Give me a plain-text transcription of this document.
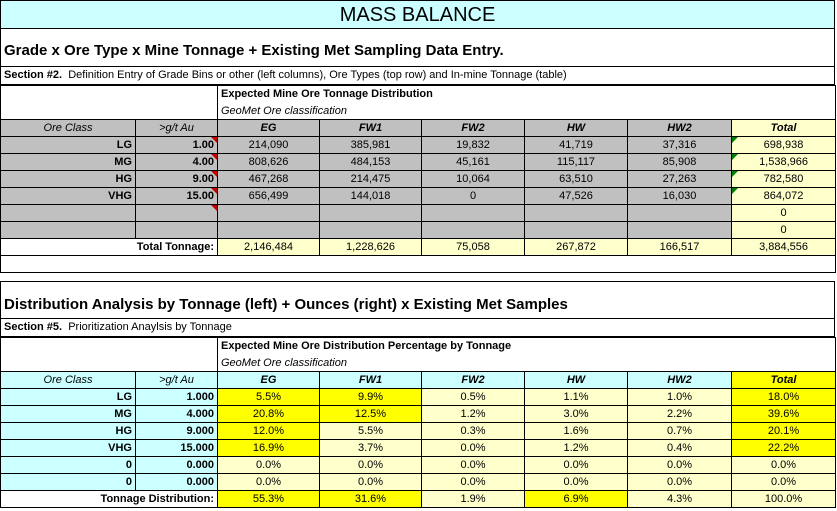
MASS BALANCE
Grade x Ore Type x Mine Tonnage + Existing Met Sampling Data Entry.
Section #2. Definition Entry of Grade Bins or other (left columns), Ore Types (top row) and In-mine Tonnage (table)
		Expected Mine Ore Tonnage Distribution					
		GeoMet Ore classification					
Ore Class	>g/t Au	EG	FW1	FW2	HW	HW2	Total
LG	1.00	214,090	385,981	19,832	41,719	37,316	698,938
MG	4.00	808,626	484,153	45,161	115,117	85,908	1,538,966
HG	9.00	467,268	214,475	10,064	63,510	27,263	782,580
VHG	15.00	656,499	144,018	0	47,526	16,030	864,072
							0
							0
Total Tonnage:		2,146,484	1,228,626	75,058	267,872	166,517	3,884,556

Distribution Analysis by Tonnage (left) + Ounces (right) x Existing Met Samples
Section #5. Prioritization Anaylsis by Tonnage
		Expected Mine Ore Distribution Percentage by Tonnage					
		GeoMet Ore classification					
Ore Class	>g/t Au	EG	FW1	FW2	HW	HW2	Total
LG	1.000	5.5%	9.9%	0.5%	1.1%	1.0%	18.0%
MG	4.000	20.8%	12.5%	1.2%	3.0%	2.2%	39.6%
HG	9.000	12.0%	5.5%	0.3%	1.6%	0.7%	20.1%
VHG	15.000	16.9%	3.7%	0.0%	1.2%	0.4%	22.2%
0	0.000	0.0%	0.0%	0.0%	0.0%	0.0%	0.0%
0	0.000	0.0%	0.0%	0.0%	0.0%	0.0%	0.0%
Tonnage Distribution:		55.3%	31.6%	1.9%	6.9%	4.3%	100.0%
